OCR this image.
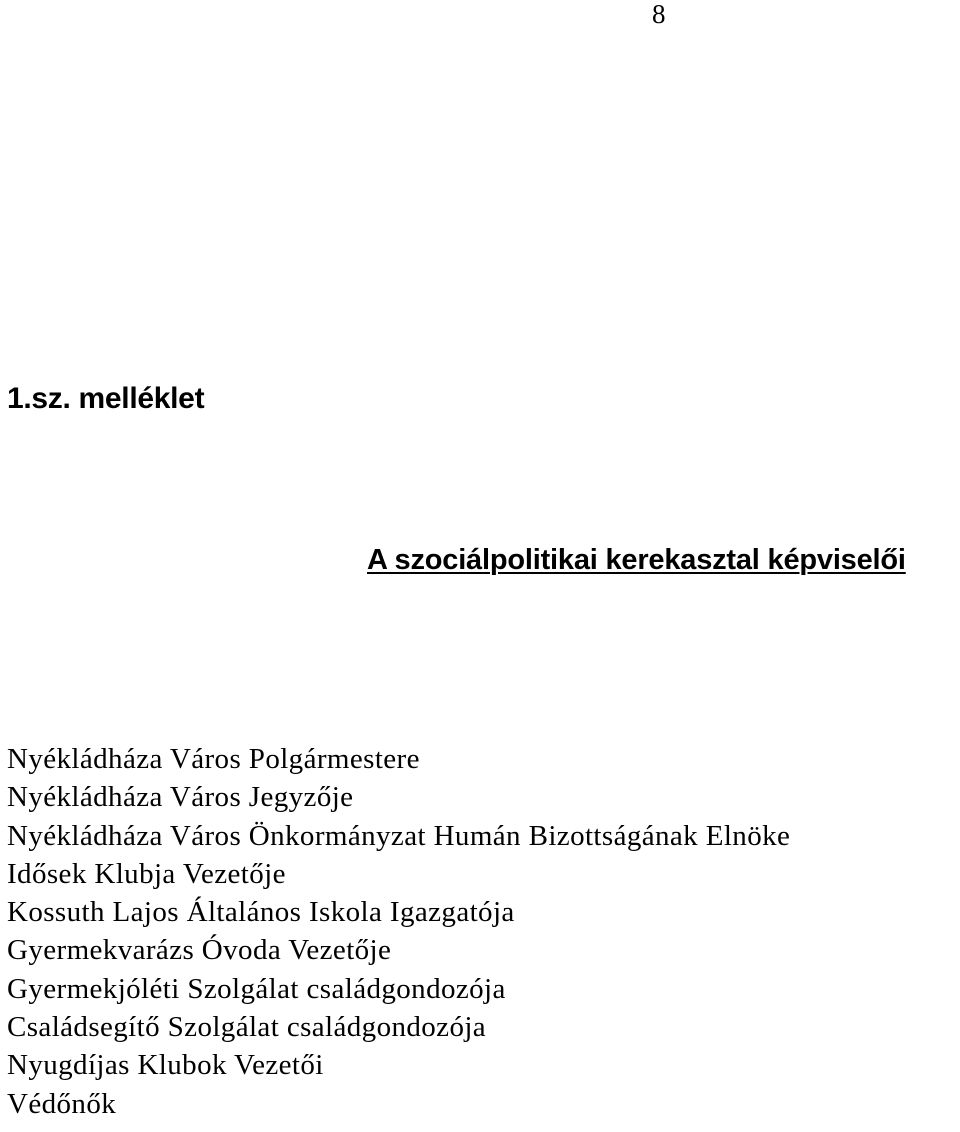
8
1.sz. melléklet
A szociálpolitikai kerekasztal képviselői
Nyékládháza Város Polgármestere
Nyékládháza Város Jegyzője
Nyékládháza Város Önkormányzat Humán Bizottságának Elnöke
Idősek Klubja Vezetője
Kossuth Lajos Általános Iskola Igazgatója
Gyermekvarázs Óvoda Vezetője
Gyermekjóléti Szolgálat családgondozója
Családsegítő Szolgálat családgondozója
Nyugdíjas Klubok Vezetői
Védőnők
